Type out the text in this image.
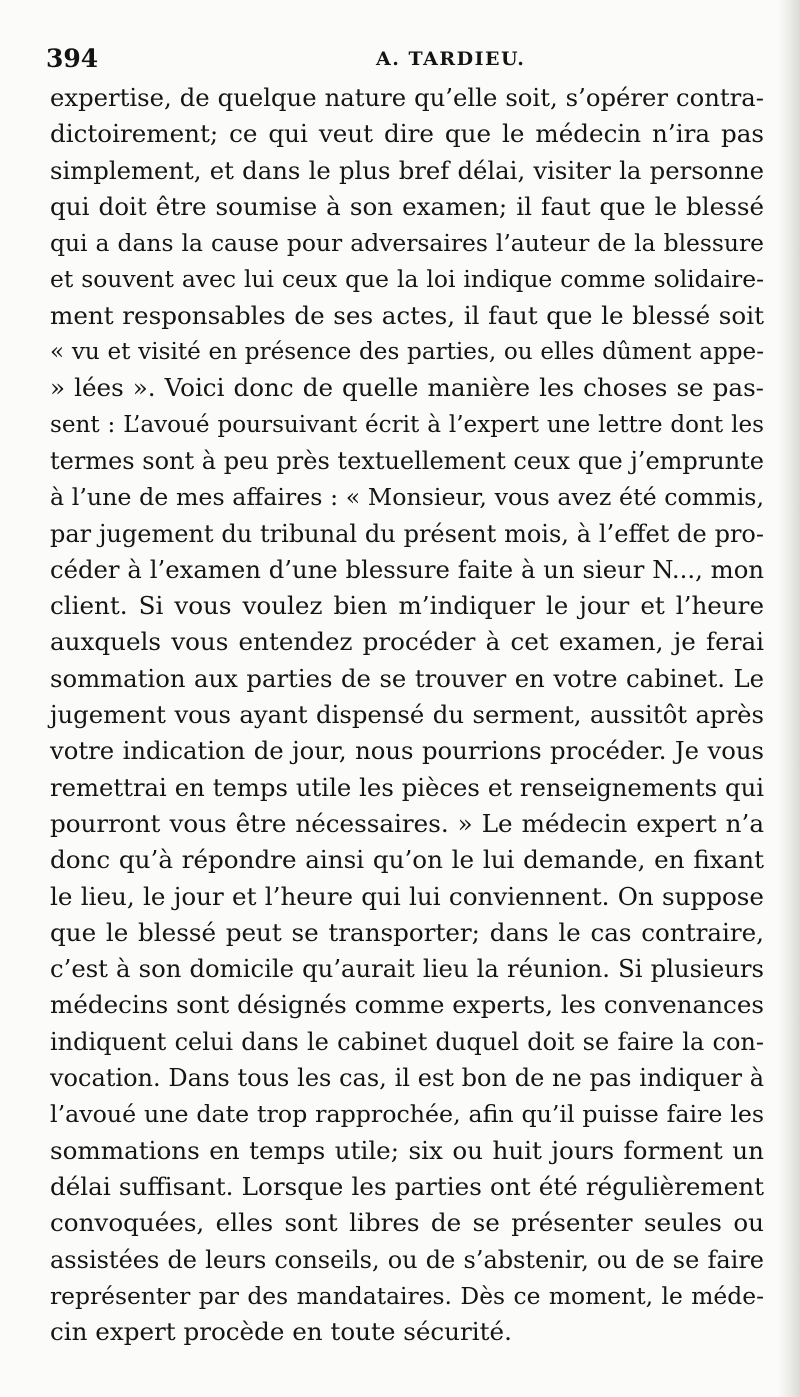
394	A. TARDIEU.
expertise, de quelque nature qu’elle soit, s’opérer contra-
dictoirement; ce qui veut dire que le médecin n’ira pas
simplement, et dans le plus bref délai, visiter la personne
qui doit être soumise à son examen; il faut que le blessé
qui a dans la cause pour adversaires l’auteur de la blessure
et souvent avec lui ceux que la loi indique comme solidaire-
ment responsables de ses actes, il faut que le blessé soit
« vu et visité en présence des parties, ou elles dûment appe-
» lées ». Voici donc de quelle manière les choses se pas-
sent : L’avoué poursuivant écrit à l’expert une lettre dont les
termes sont à peu près textuellement ceux que j’emprunte
à l’une de mes affaires : « Monsieur, vous avez été commis,
par jugement du tribunal du présent mois, à l’effet de pro-
céder à l’examen d’une blessure faite à un sieur N..., mon
client. Si vous voulez bien m’indiquer le jour et l’heure
auxquels vous entendez procéder à cet examen, je ferai
sommation aux parties de se trouver en votre cabinet. Le
jugement vous ayant dispensé du serment, aussitôt après
votre indication de jour, nous pourrions procéder. Je vous
remettrai en temps utile les pièces et renseignements qui
pourront vous être nécessaires. » Le médecin expert n’a
donc qu’à répondre ainsi qu’on le lui demande, en fixant
le lieu, le jour et l’heure qui lui conviennent. On suppose
que le blessé peut se transporter; dans le cas contraire,
c’est à son domicile qu’aurait lieu la réunion. Si plusieurs
médecins sont désignés comme experts, les convenances
indiquent celui dans le cabinet duquel doit se faire la con-
vocation. Dans tous les cas, il est bon de ne pas indiquer à
l’avoué une date trop rapprochée, afin qu’il puisse faire les
sommations en temps utile; six ou huit jours forment un
délai suffisant. Lorsque les parties ont été régulièrement
convoquées, elles sont libres de se présenter seules ou
assistées de leurs conseils, ou de s’abstenir, ou de se faire
représenter par des mandataires. Dès ce moment, le méde-
cin expert procède en toute sécurité.
